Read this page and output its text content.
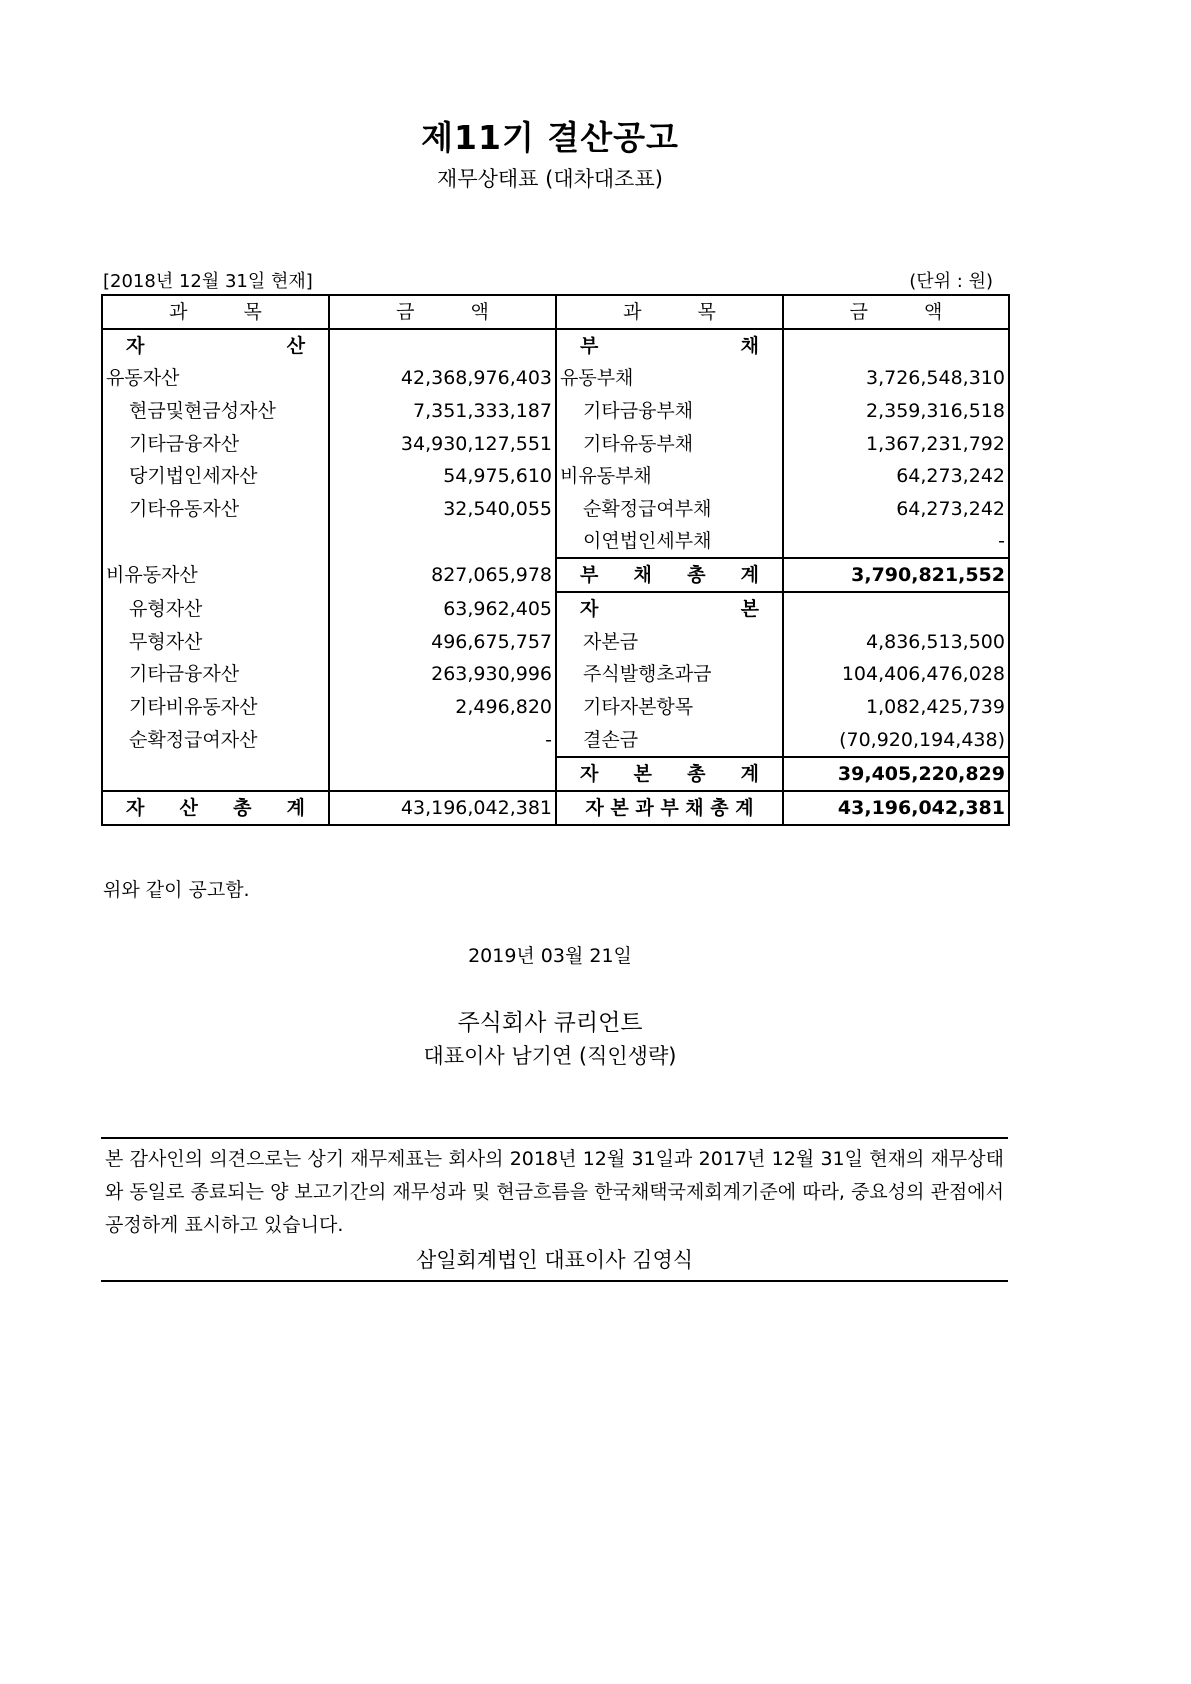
제11기 결산공고
재무상태표 (대차대조표)
[2018년 12월 31일 현재]	(단위 : 원)
과 목	금 액	과 목	금 액

자 산		부 채	

유동자산	42,368,976,403	유동부채	3,726,548,310
현금및현금성자산	7,351,333,187	기타금융부채	2,359,316,518
기타금융자산	34,930,127,551	기타유동부채	1,367,231,792
당기법인세자산	54,975,610	비유동부채	64,273,242
기타유동자산	32,540,055	순확정급여부채	64,273,242
		이연법인세부채	-
비유동자산	827,065,978	부 채 총 계	3,790,821,552
유형자산	63,962,405	자 본	

무형자산	496,675,757	자본금	4,836,513,500
기타금융자산	263,930,996	주식발행초과금	104,406,476,028
기타비유동자산	2,496,820	기타자본항목	1,082,425,739
순확정급여자산	-	결손금	(70,920,194,438)

		자 본 총 계	39,405,220,829

자 산 총 계	43,196,042,381	자 본 과 부 채 총 계	43,196,042,381
위와 같이 공고함.
2019년 03월 21일
주식회사 큐리언트
대표이사 남기연 (직인생략)
본 감사인의 의견으로는 상기 재무제표는 회사의 2018년 12월 31일과 2017년 12월 31일 현재의 재무상태와 동일로 종료되는 양 보고기간의 재무성과 및 현금흐름을 한국채택국제회계기준에 따라, 중요성의 관점에서 공정하게 표시하고 있습니다.
삼일회계법인 대표이사 김영식
